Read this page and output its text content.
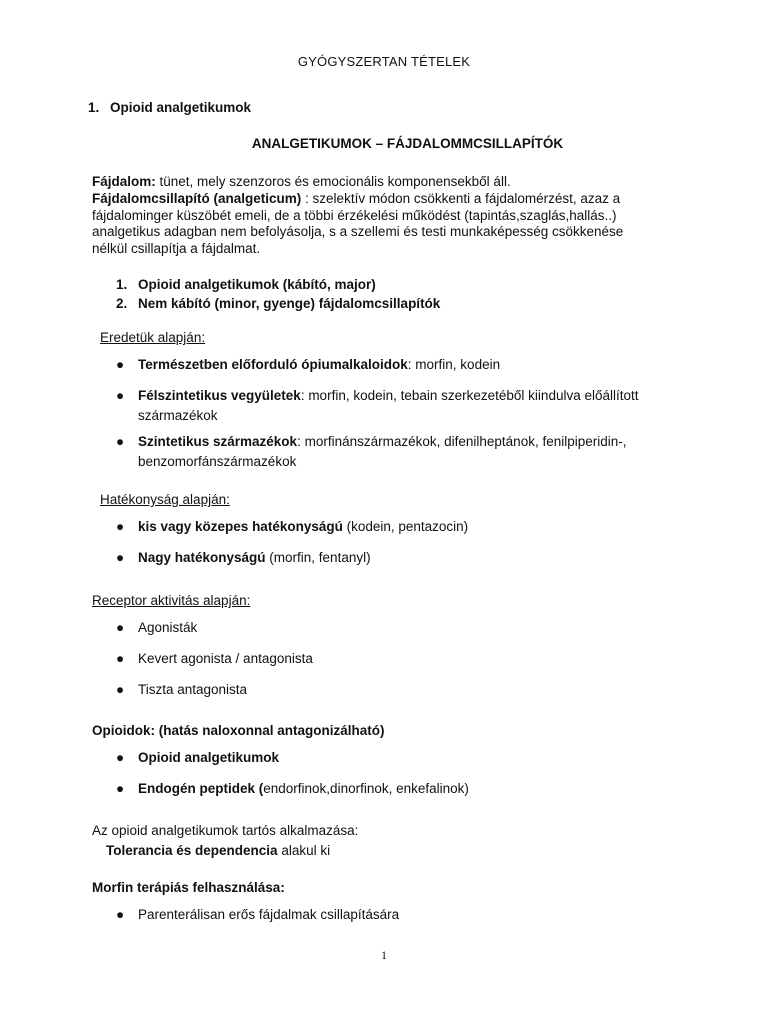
GYÓGYSZERTAN TÉTELEK
1. Opioid analgetikumok
ANALGETIKUMOK – FÁJDALOMMCSILLAPÍTÓK
Fájdalom: tünet, mely szenzoros és emocionális komponensekből áll.
Fájdalomcsillapító (analgeticum) : szelektív módon csökkenti a fájdalomérzést, azaz a
fájdalominger küszöbét emeli, de a többi érzékelési működést (tapintás,szaglás,hallás..)
analgetikus adagban nem befolyásolja, s a szellemi és testi munkaképesség csökkenése
nélkül csillapítja a fájdalmat.
1. Opioid analgetikumok (kábító, major)
2. Nem kábító (minor, gyenge) fájdalomcsillapítók
Eredetük alapján:
● Természetben előforduló ópiumalkaloidok: morfin, kodein
● Félszintetikus vegyületek: morfin, kodein, tebain szerkezetéből kiindulva előállított
származékok
● Szintetikus származékok: morfinánszármazékok, difenilheptánok, fenilpiperidin-,
benzomorfánszármazékok
Hatékonyság alapján:
● kis vagy közepes hatékonyságú (kodein, pentazocin)
● Nagy hatékonyságú (morfin, fentanyl)
Receptor aktivitás alapján:
● Agonisták
● Kevert agonista / antagonista
● Tiszta antagonista
Opioidok: (hatás naloxonnal antagonizálható)
● Opioid analgetikumok
● Endogén peptidek (endorfinok,dinorfinok, enkefalinok)
Az opioid analgetikumok tartós alkalmazása:
Tolerancia és dependencia alakul ki
Morfin terápiás felhasználása:
● Parenterálisan erős fájdalmak csillapítására
1
